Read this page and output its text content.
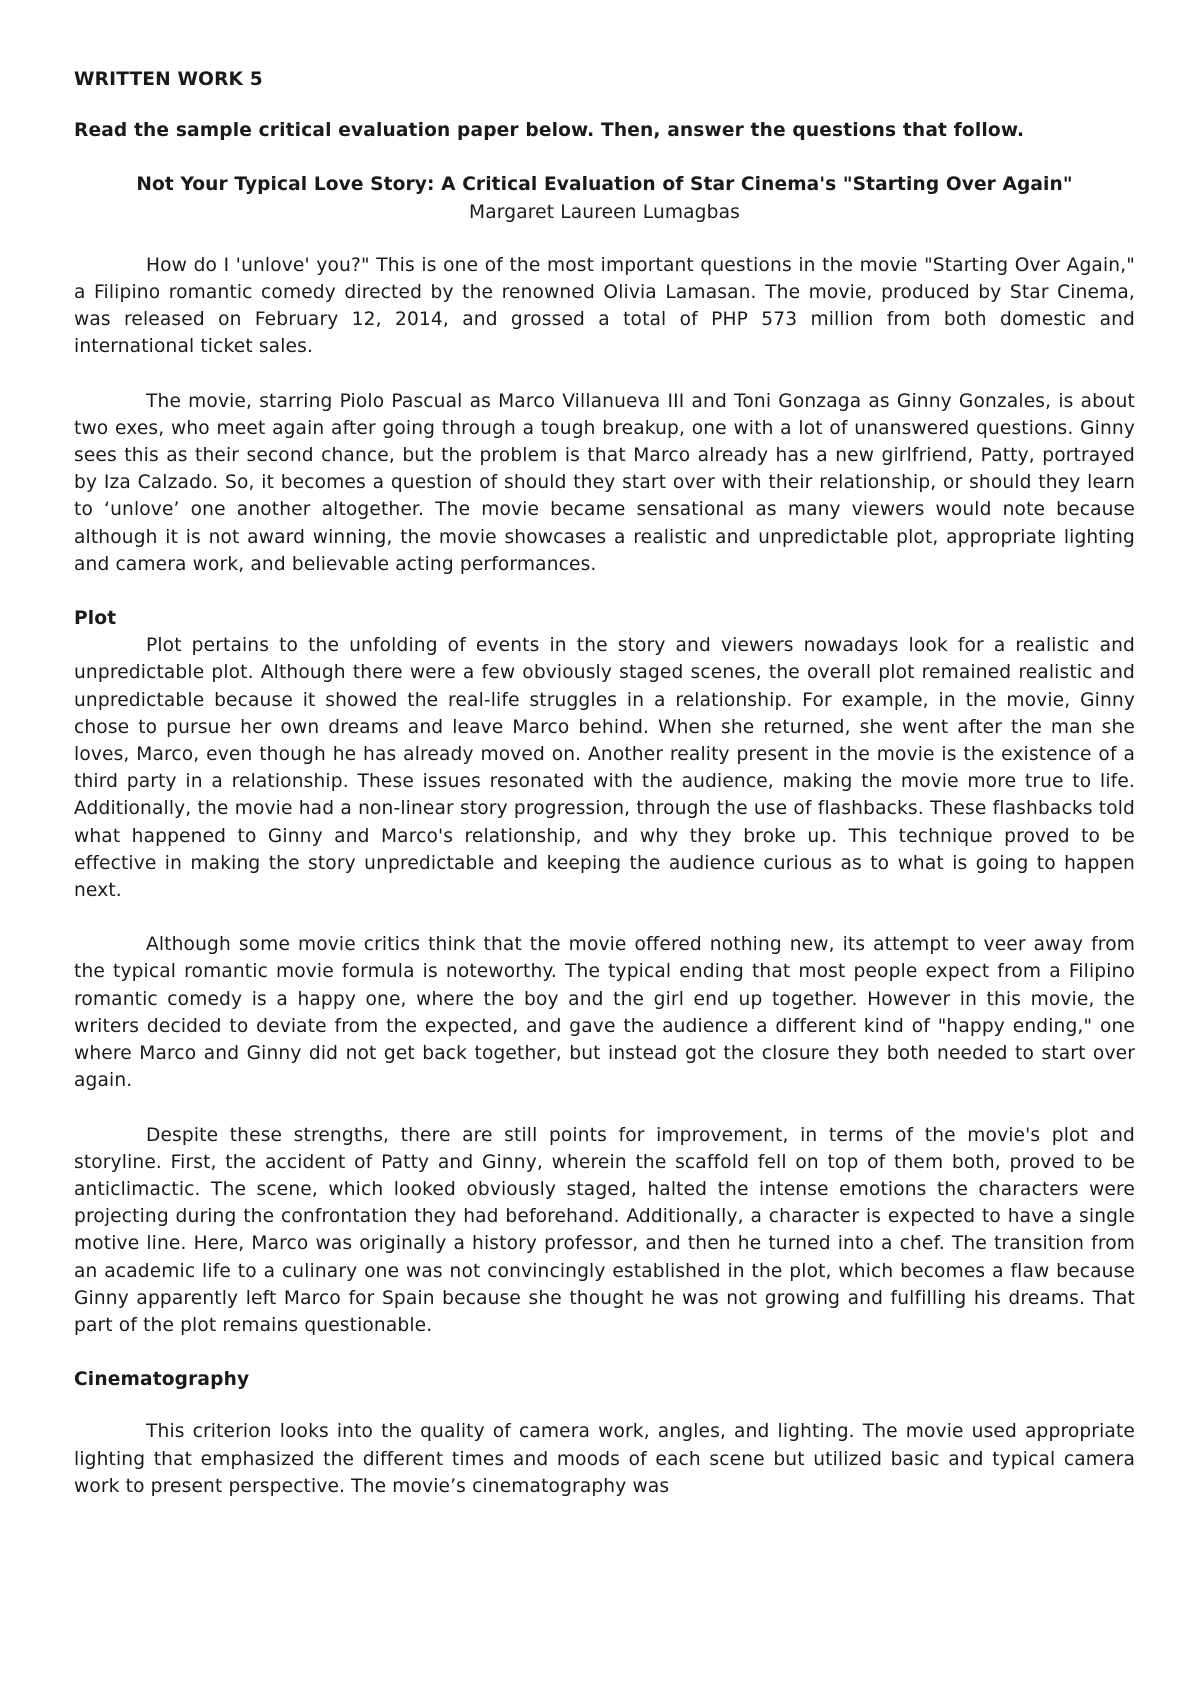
WRITTEN WORK 5

Read the sample critical evaluation paper below. Then, answer the questions that follow.

Not Your Typical Love Story: A Critical Evaluation of Star Cinema's "Starting Over Again"

Margaret Laureen Lumagbas

How do I 'unlove' you?" This is one of the most important questions in the movie "Starting Over Again," a Filipino romantic comedy directed by the renowned Olivia Lamasan. The movie, produced by Star Cinema, was released on February 12, 2014, and grossed a total of PHP 573 million from both domestic and international ticket sales.

The movie, starring Piolo Pascual as Marco Villanueva III and Toni Gonzaga as Ginny Gonzales, is about two exes, who meet again after going through a tough breakup, one with a lot of unanswered questions. Ginny sees this as their second chance, but the problem is that Marco already has a new girlfriend, Patty, portrayed by Iza Calzado. So, it becomes a question of should they start over with their relationship, or should they learn to ‘unlove’ one another altogether. The movie became sensational as many viewers would note because although it is not award winning, the movie showcases a realistic and unpredictable plot, appropriate lighting and camera work, and believable acting performances.

Plot

Plot pertains to the unfolding of events in the story and viewers nowadays look for a realistic and unpredictable plot. Although there were a few obviously staged scenes, the overall plot remained realistic and unpredictable because it showed the real-life struggles in a relationship. For example, in the movie, Ginny chose to pursue her own dreams and leave Marco behind. When she returned, she went after the man she loves, Marco, even though he has already moved on. Another reality present in the movie is the existence of a third party in a relationship. These issues resonated with the audience, making the movie more true to life. Additionally, the movie had a non-linear story progression, through the use of flashbacks. These flashbacks told what happened to Ginny and Marco's relationship, and why they broke up. This technique proved to be effective in making the story unpredictable and keeping the audience curious as to what is going to happen next.

Although some movie critics think that the movie offered nothing new, its attempt to veer away from the typical romantic movie formula is noteworthy. The typical ending that most people expect from a Filipino romantic comedy is a happy one, where the boy and the girl end up together. However in this movie, the writers decided to deviate from the expected, and gave the audience a different kind of "happy ending," one where Marco and Ginny did not get back together, but instead got the closure they both needed to start over again.

Despite these strengths, there are still points for improvement, in terms of the movie's plot and storyline. First, the accident of Patty and Ginny, wherein the scaffold fell on top of them both, proved to be anticlimactic. The scene, which looked obviously staged, halted the intense emotions the characters were projecting during the confrontation they had beforehand. Additionally, a character is expected to have a single motive line. Here, Marco was originally a history professor, and then he turned into a chef. The transition from an academic life to a culinary one was not convincingly established in the plot, which becomes a flaw because Ginny apparently left Marco for Spain because she thought he was not growing and fulfilling his dreams. That part of the plot remains questionable.

Cinematography

This criterion looks into the quality of camera work, angles, and lighting. The movie used appropriate lighting that emphasized the different times and moods of each scene but utilized basic and typical camera work to present perspective. The movie’s cinematography was
